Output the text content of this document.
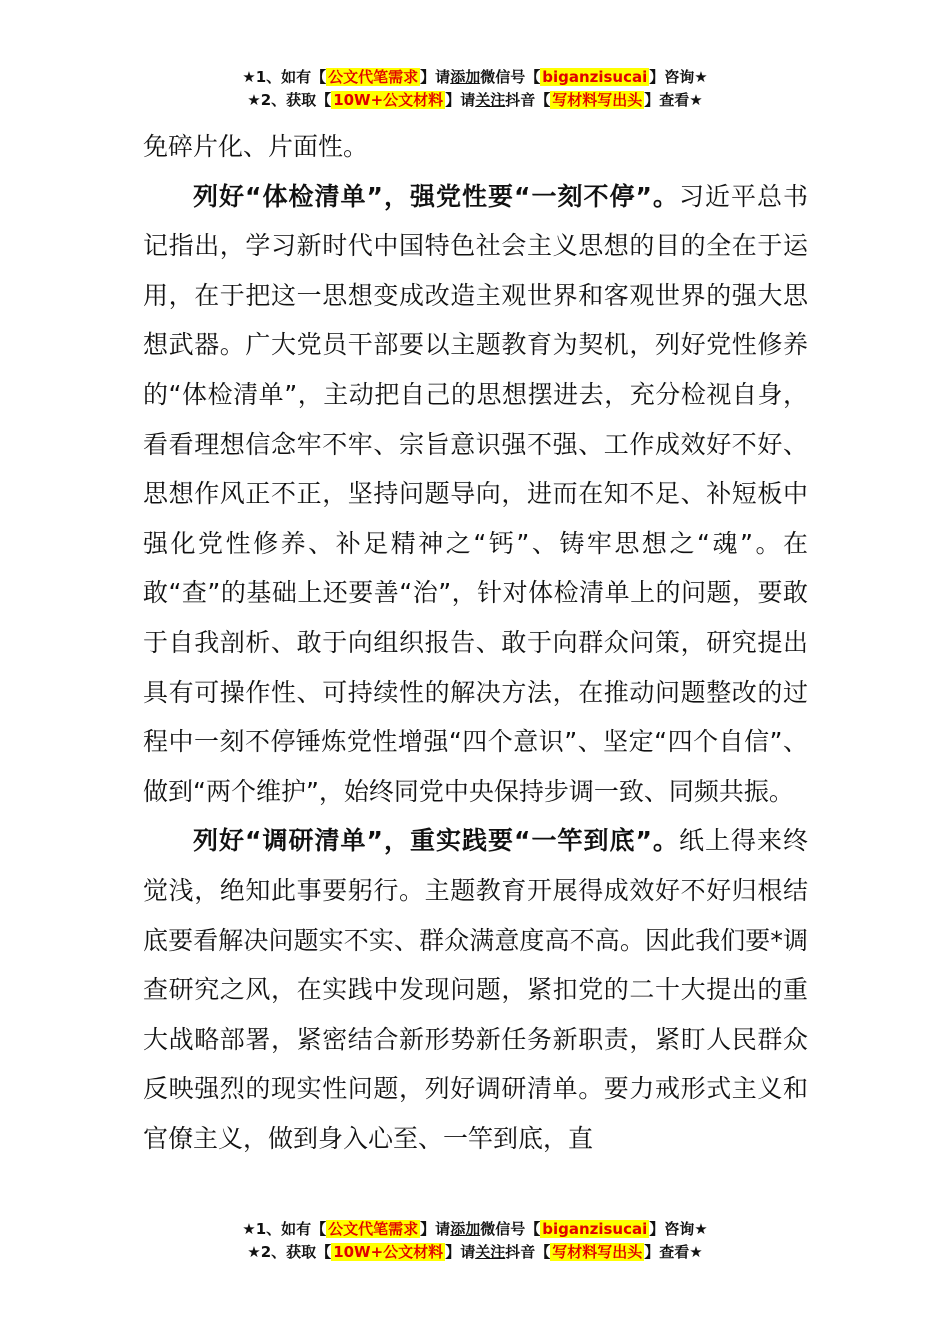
★1、如有【 公文代笔需求 】请添加微信号【 biganzisucai 】咨询★
★2、获取【 10W+公文材料 】请关注抖音【 写材料写出头 】查看★

免碎片化、片面性。

列好“体检清单”，强党性要“一刻不停”。习近平总书记指出，学习新时代中国特色社会主义思想的目的全在于运用，在于把这一思想变成改造主观世界和客观世界的强大思想武器。广大党员干部要以主题教育为契机，列好党性修养的“体检清单”，主动把自己的思想摆进去，充分检视自身，看看理想信念牢不牢、宗旨意识强不强、工作成效好不好、思想作风正不正，坚持问题导向，进而在知不足、补短板中强化党性修养、补足精神之“钙”、铸牢思想之“魂”。在敢“查”的基础上还要善“治”，针对体检清单上的问题，要敢于自我剖析、敢于向组织报告、敢于向群众问策，研究提出具有可操作性、可持续性的解决方法，在推动问题整改的过程中一刻不停锤炼党性增强“四个意识”、坚定“四个自信”、做到“两个维护”，始终同党中央保持步调一致、同频共振。

列好“调研清单”，重实践要“一竿到底”。纸上得来终觉浅，绝知此事要躬行。主题教育开展得成效好不好归根结底要看解决问题实不实、群众满意度高不高。因此我们要*调查研究之风，在实践中发现问题，紧扣党的二十大提出的重大战略部署，紧密结合新形势新任务新职责，紧盯人民群众反映强烈的现实性问题，列好调研清单。要力戒形式主义和官僚主义，做到身入心至、一竿到底，直

★1、如有【 公文代笔需求 】请添加微信号【 biganzisucai 】咨询★
★2、获取【 10W+公文材料 】请关注抖音【 写材料写出头 】查看★
